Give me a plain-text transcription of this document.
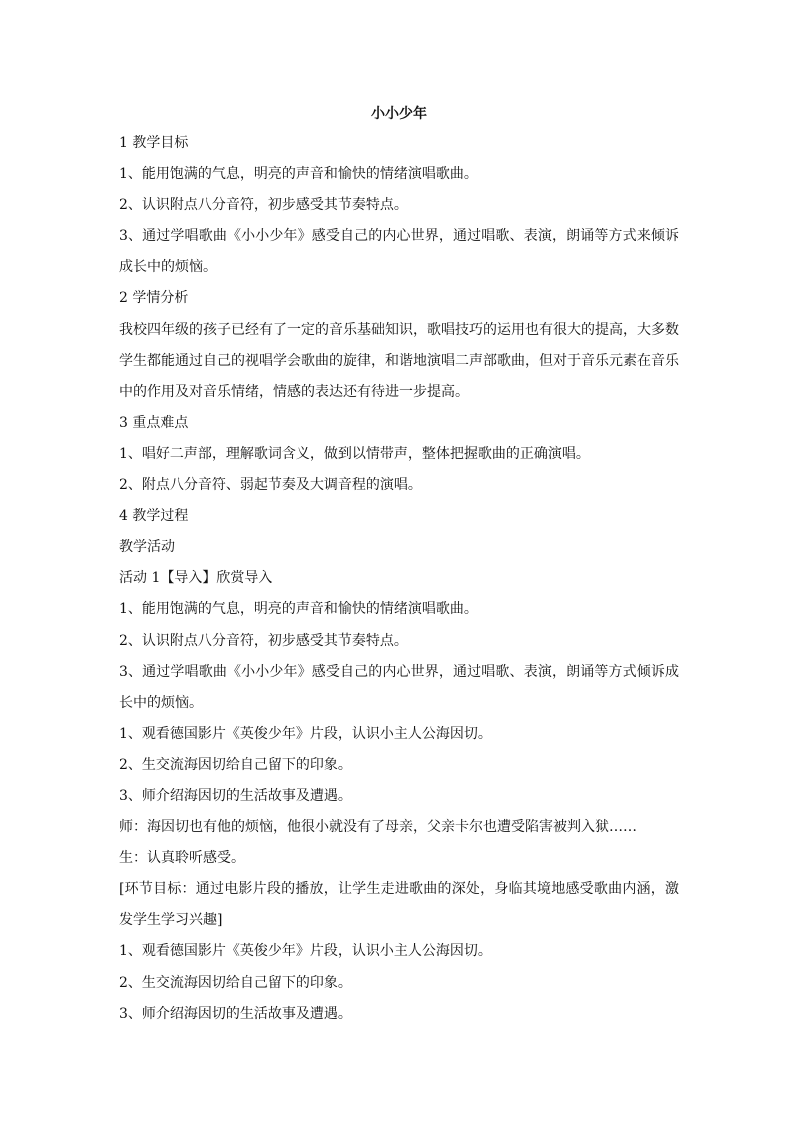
小小少年

1 教学目标

1、能用饱满的气息，明亮的声音和愉快的情绪演唱歌曲。

2、认识附点八分音符，初步感受其节奏特点。

3、通过学唱歌曲《小小少年》感受自己的内心世界，通过唱歌、表演，朗诵等方式来倾诉成长中的烦恼。

2 学情分析

我校四年级的孩子已经有了一定的音乐基础知识，歌唱技巧的运用也有很大的提高，大多数学生都能通过自己的视唱学会歌曲的旋律，和谐地演唱二声部歌曲，但对于音乐元素在音乐中的作用及对音乐情绪，情感的表达还有待进一步提高。

3 重点难点

1、唱好二声部，理解歌词含义，做到以情带声，整体把握歌曲的正确演唱。

2、附点八分音符、弱起节奏及大调音程的演唱。

4 教学过程

教学活动

活动 1【导入】欣赏导入

1、能用饱满的气息，明亮的声音和愉快的情绪演唱歌曲。

2、认识附点八分音符，初步感受其节奏特点。

3、通过学唱歌曲《小小少年》感受自己的内心世界，通过唱歌、表演，朗诵等方式倾诉成长中的烦恼。

1、观看德国影片《英俊少年》片段，认识小主人公海因切。

2、生交流海因切给自己留下的印象。

3、师介绍海因切的生活故事及遭遇。

师：海因切也有他的烦恼，他很小就没有了母亲，父亲卡尔也遭受陷害被判入狱……

生：认真聆听感受。

[环节目标：通过电影片段的播放，让学生走进歌曲的深处，身临其境地感受歌曲内涵，激发学生学习兴趣]

1、观看德国影片《英俊少年》片段，认识小主人公海因切。

2、生交流海因切给自己留下的印象。

3、师介绍海因切的生活故事及遭遇。
